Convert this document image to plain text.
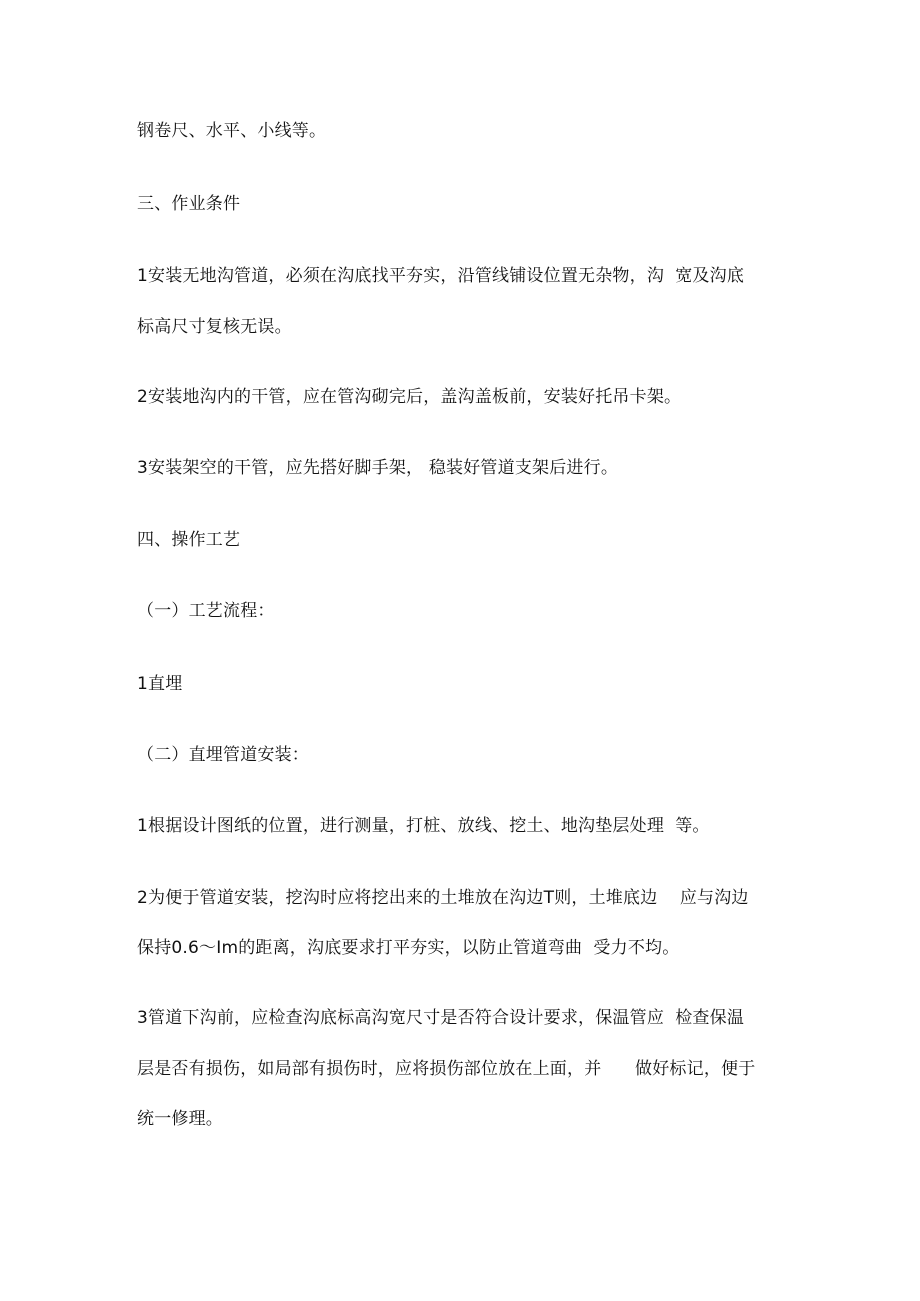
钢卷尺、水平、小线等。
三、作业条件
1安装无地沟管道，必须在沟底找平夯实，沿管线铺设位置无杂物，沟  宽及沟底
标高尺寸复核无误。
2安装地沟内的干管，应在管沟砌完后，盖沟盖板前，安装好托吊卡架。
3安装架空的干管，应先搭好脚手架， 稳装好管道支架后进行。
四、操作工艺
（一）工艺流程：
1直埋
（二）直埋管道安装：
1根据设计图纸的位置，进行测量，打桩、放线、挖土、地沟垫层处理  等。
2为便于管道安装，挖沟时应将挖出来的土堆放在沟边T则，土堆底边    应与沟边
保持0.6～Im的距离，沟底要求打平夯实，以防止管道弯曲  受力不均。
3管道下沟前，应检查沟底标高沟宽尺寸是否符合设计要求，保温管应  检查保温
层是否有损伤，如局部有损伤时，应将损伤部位放在上面，并      做好标记，便于
统一修理。
